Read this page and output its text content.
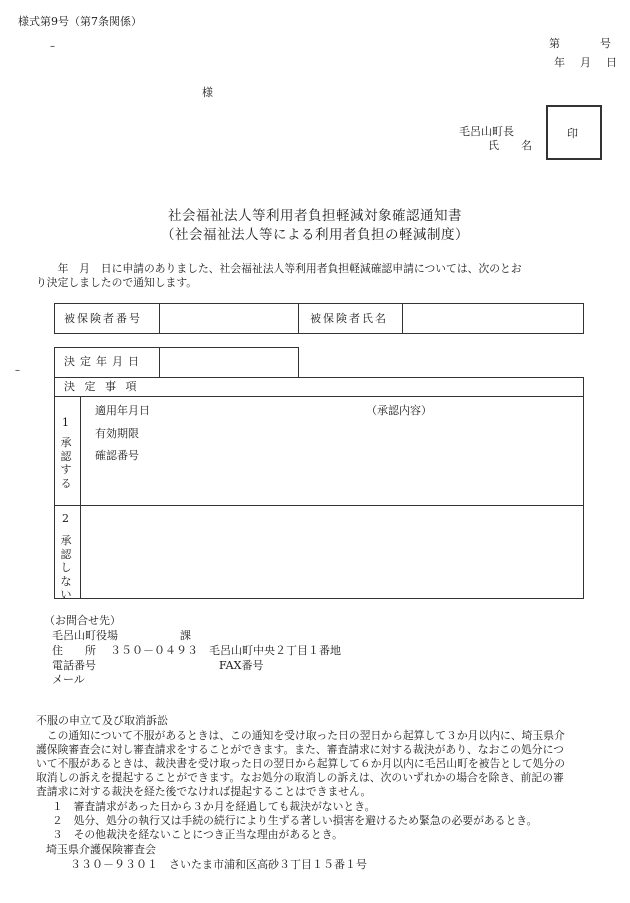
様式第9号（第7条関係）
–
–
第	号
年　月　日
様
毛呂山町長
氏　　名
印
社会福祉法人等利用者負担軽減対象確認通知書
（社会福祉法人等による利用者負担の軽減制度）
　　年　月　日に申請のありました、社会福祉法人等利用者負担軽減確認申請については、次のとお
り決定しましたので通知します。
被保険者番号	被保険者氏名
決定年月日
決 定 事 項
1
承認する
適用年月日
有効期限
確認番号
（承認内容）
2
承認しない
（お問合せ先）
毛呂山町役場	課
住　　所 ３５０－０４９３　毛呂山町中央２丁目１番地
電話番号	FAX番号
メール
不服の申立て及び取消訴訟
　この通知について不服があるときは、この通知を受け取った日の翌日から起算して３か月以内に、埼玉県介
護保険審査会に対し審査請求をすることができます。また、審査請求に対する裁決があり、なおこの処分につ
いて不服があるときは、裁決書を受け取った日の翌日から起算して６か月以内に毛呂山町を被告として処分の
取消しの訴えを提起することができます。なお処分の取消しの訴えは、次のいずれかの場合を除き、前記の審
査請求に対する裁決を経た後でなければ提起することはできません。
１　審査請求があった日から３か月を経過しても裁決がないとき。
２　処分、処分の執行又は手続の続行により生ずる著しい損害を避けるため緊急の必要があるとき。
３　その他裁決を経ないことにつき正当な理由があるとき。
埼玉県介護保険審査会
３３０－９３０１　さいたま市浦和区高砂３丁目１５番１号
